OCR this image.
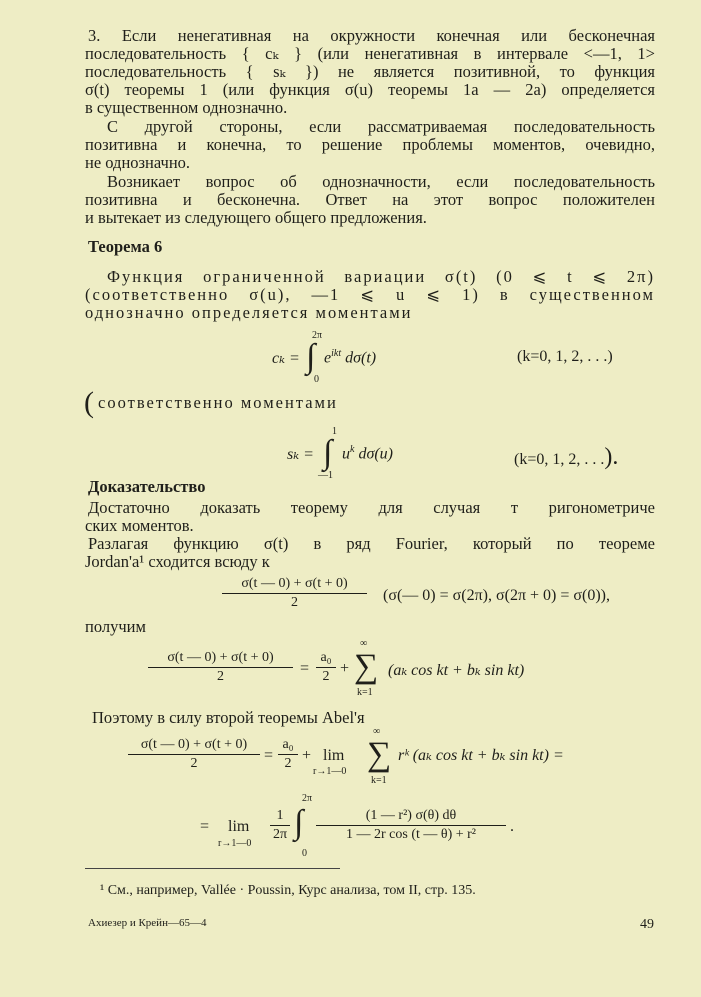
3. Если ненегативная на окружности конечная или бесконечная
последовательность { cₖ } (или ненегативная в интервале <—1, 1>
последовательность { sₖ }) не является позитивной, то функция
σ(t) теоремы 1 (или функция σ(u) теоремы 1a — 2a) определяется
в существенном однозначно.
С другой стороны, если рассматриваемая последовательность
позитивна и конечна, то решение проблемы моментов, очевидно,
не однозначно.
Возникает вопрос об однозначности, если последовательность
позитивна и бесконечна. Ответ на этот вопрос положителен
и вытекает из следующего общего предложения.
Теорема 6
Функция ограниченной вариации σ(t) (0 ⩽ t ⩽ 2π)
(соответственно σ(u), —1 ⩽ u ⩽ 1) в существенном
однозначно определяется моментами
cₖ =
2π
∫
0
$e^{ikt}$ dσ(t)	(k=0, 1, 2, . . .)
( соответственно моментами
sₖ =
1
∫
—1
$u^k$ dσ(u)	(k=0, 1, 2, . . .).
Доказательство
Достаточно доказать теорему для случая т ригонометриче
ских моментов.
Разлагая функцию σ(t) в ряд Fourier, который по теореме
Jordan'a¹ сходится всюду к
$\frac{\sigma(t — 0) + \sigma(t + 0)}{2}$ (σ(— 0) = σ(2π), σ(2π + 0) = σ(0)),
получим
$\frac{\sigma(t — 0) + \sigma(t + 0)}{2} = \frac{\text{a₀}}{2}$ +
∞
∑
k=1
(aₖ cos kt + bₖ sin kt)
Поэтому в силу второй теоремы Abel'я
$\frac{\sigma(t — 0) + \sigma(t + 0)}{2} = \frac{\text{a₀}}{2} + \lim$
r→1—0
∞
∑
k=1
rᵏ (aₖ cos kt + bₖ sin kt) =
= lim
r→1—0
$\frac{1}{2\pi}$
2π
∫
0
$\frac{\text{(1 — r²) σ(θ) dθ}}{\text{1 — 2r cos (t — θ) + r²}}$ .
¹ См., например, Vallée · Poussin, Курс анализа, том II, стр. 135.
Ахиезер и Крейн—65—4	49
